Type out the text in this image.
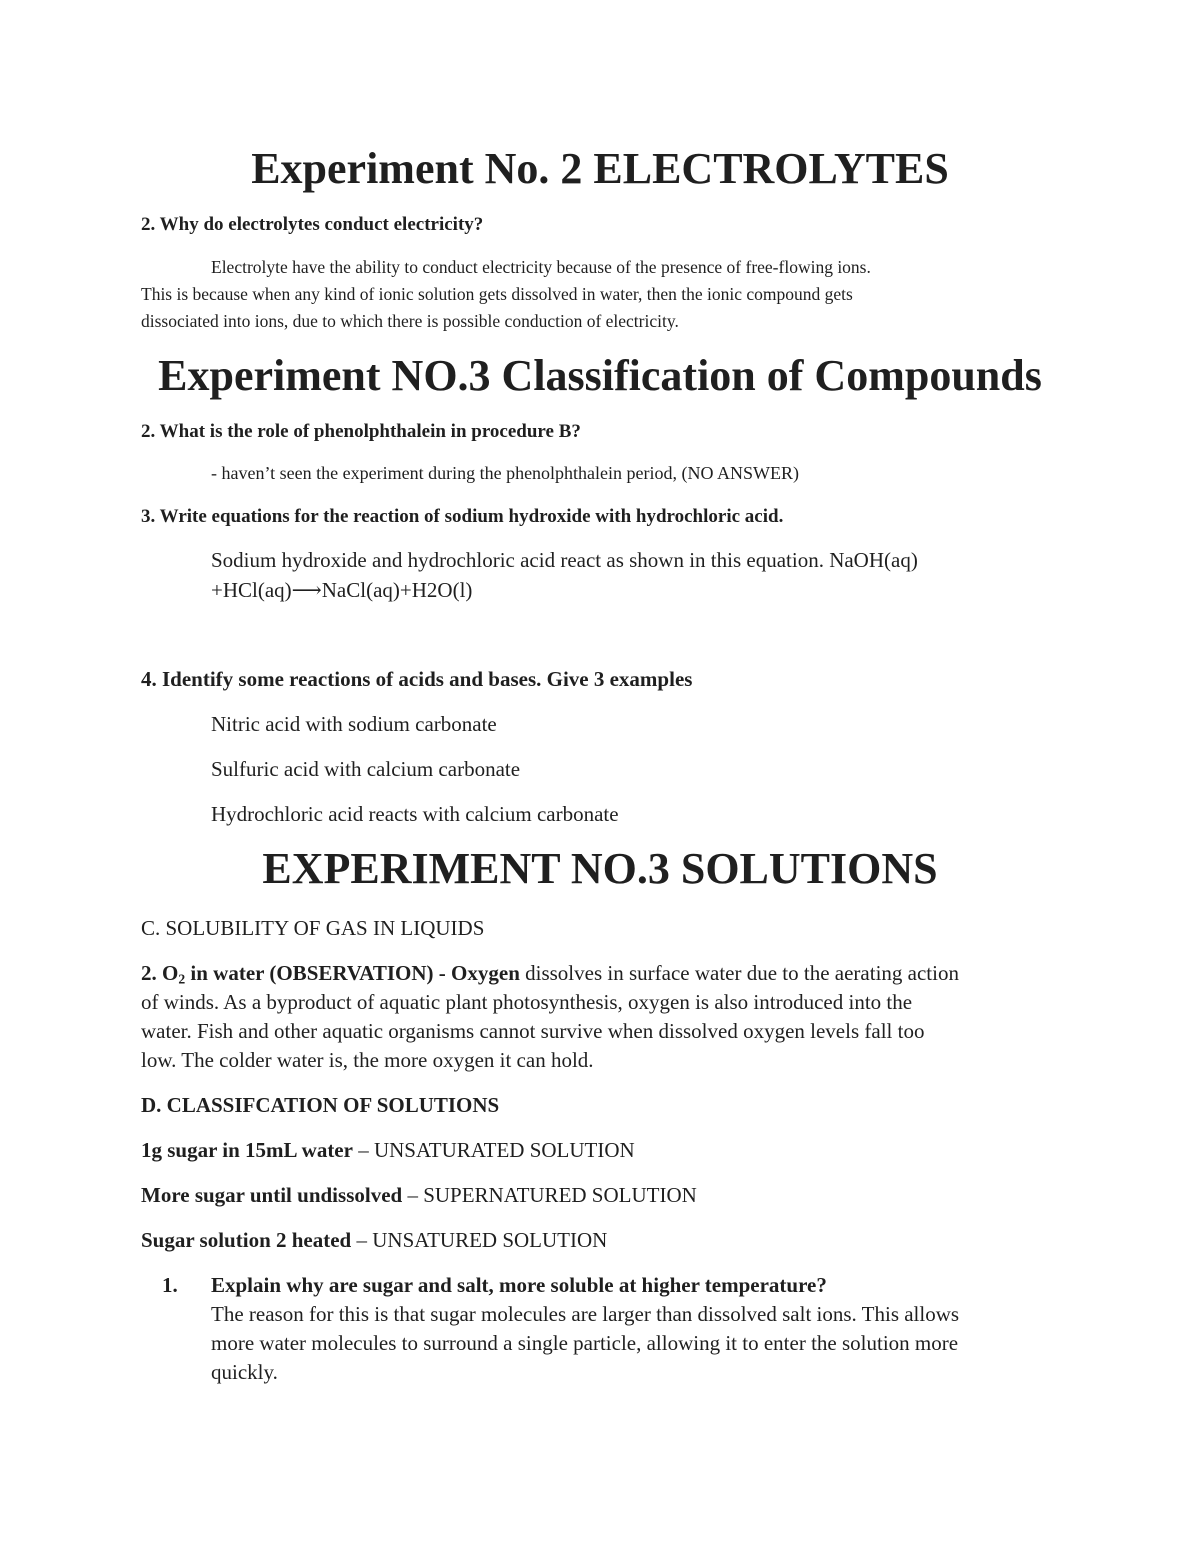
Experiment No. 2 ELECTROLYTES
2. Why do electrolytes conduct electricity?
Electrolyte have the ability to conduct electricity because of the presence of free-flowing ions.
This is because when any kind of ionic solution gets dissolved in water, then the ionic compound gets
dissociated into ions, due to which there is possible conduction of electricity.
Experiment NO.3 Classification of Compounds
2. What is the role of phenolphthalein in procedure B?
- haven’t seen the experiment during the phenolphthalein period, (NO ANSWER)
3. Write equations for the reaction of sodium hydroxide with hydrochloric acid.
Sodium hydroxide and hydrochloric acid react as shown in this equation. NaOH(aq)
+HCl(aq)⟶NaCl(aq)+H2O(l)
4. Identify some reactions of acids and bases. Give 3 examples
Nitric acid with sodium carbonate
Sulfuric acid with calcium carbonate
Hydrochloric acid reacts with calcium carbonate
EXPERIMENT NO.3 SOLUTIONS
C. SOLUBILITY OF GAS IN LIQUIDS
2. $O_2$ in water (OBSERVATION) - Oxygen dissolves in surface water due to the aerating action
of winds. As a byproduct of aquatic plant photosynthesis, oxygen is also introduced into the
water. Fish and other aquatic organisms cannot survive when dissolved oxygen levels fall too
low. The colder water is, the more oxygen it can hold.
D. CLASSIFCATION OF SOLUTIONS
1g sugar in 15mL water – UNSATURATED SOLUTION
More sugar until undissolved – SUPERNATURED SOLUTION
Sugar solution 2 heated – UNSATURED SOLUTION
1. Explain why are sugar and salt, more soluble at higher temperature?
The reason for this is that sugar molecules are larger than dissolved salt ions. This allows
more water molecules to surround a single particle, allowing it to enter the solution more
quickly.
